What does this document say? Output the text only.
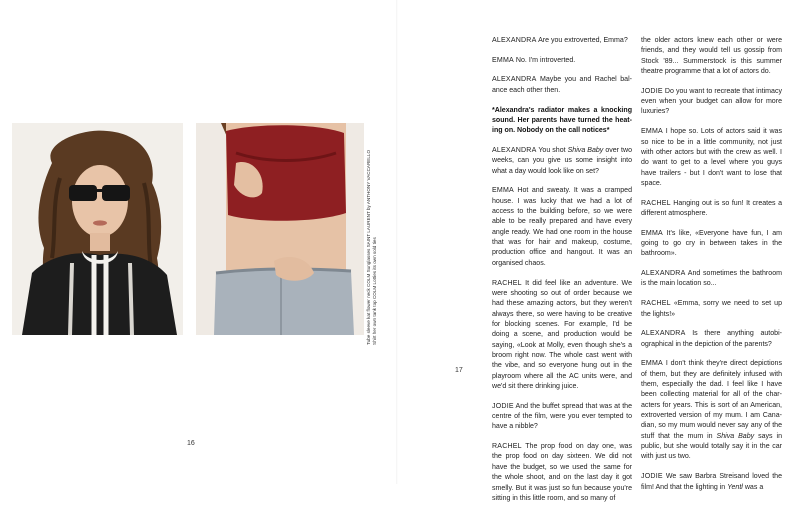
Tube sleeve kat flower neck COLM Sunglasses SAINT LAURENT by ANTHONY VACCARELLO Shirt her own tank top COLM Lotties its own sold ties
16
17

ALEXANDRA Are you extroverted, Emma?

EMMA No. I'm introverted.

ALEXANDRA Maybe you and Rachel balance each other then.

*Alexandra's radiator makes a knocking sound. Her parents have turned the heating on. Nobody on the call notices*

ALEXANDRA You shot Shiva Baby over two weeks, can you give us some insight into what a day would look like on set?

EMMA Hot and sweaty. It was a cramped house. I was lucky that we had a lot of access to the building before, so we were able to be really prepared and have every angle ready. We had one room in the house that was for hair and makeup, costume, production office and hangout. It was an organised chaos.

RACHEL It did feel like an adventure. We were shooting so out of order because we had these amazing actors, but they weren't always there, so were having to be creative for blocking scenes. For example, I'd be doing a scene, and production would be saying, «Look at Molly, even though she's a broom right now. The whole cast went with the vibe, and so everyone hung out in the playroom where all the AC units were, and we'd sit there drinking juice.

JODIE And the buffet spread that was at the centre of the film, were you ever tempted to have a nibble?

RACHEL The prop food on day one, was the prop food on day sixteen. We did not have the budget, so we used the same for the whole shoot, and on the last day it got smelly. But it was just so fun because you're sitting in this little room, and so many of

the older actors knew each other or were friends, and they would tell us gossip from Stock '89... Summerstock is this summer theatre programme that a lot of actors do.

JODIE Do you want to recreate that intimacy even when your budget can allow for more luxuries?

EMMA I hope so. Lots of actors said it was so nice to be in a little community, not just with other actors but with the crew as well. I do want to get to a level where you guys have trailers - but I don't want to lose that space.

RACHEL Hanging out is so fun! It creates a different atmosphere.

EMMA It's like, «Everyone have fun, I am going to go cry in between takes in the bathroom».

ALEXANDRA And sometimes the bathroom is the main location so...

RACHEL «Emma, sorry we need to set up the lights!»

ALEXANDRA Is there anything autobiographical in the depiction of the parents?

EMMA I don't think they're direct depictions of them, but they are definitely infused with them, especially the dad. I feel like I have been collecting material for all of the characters for years. This is sort of an American, extroverted version of my mum. I am Canadian, so my mum would never say any of the stuff that the mum in Shiva Baby says in public, but she would totally say it in the car with just us two.

JODIE We saw Barbra Streisand loved the film! And that the lighting in Yentl was a
